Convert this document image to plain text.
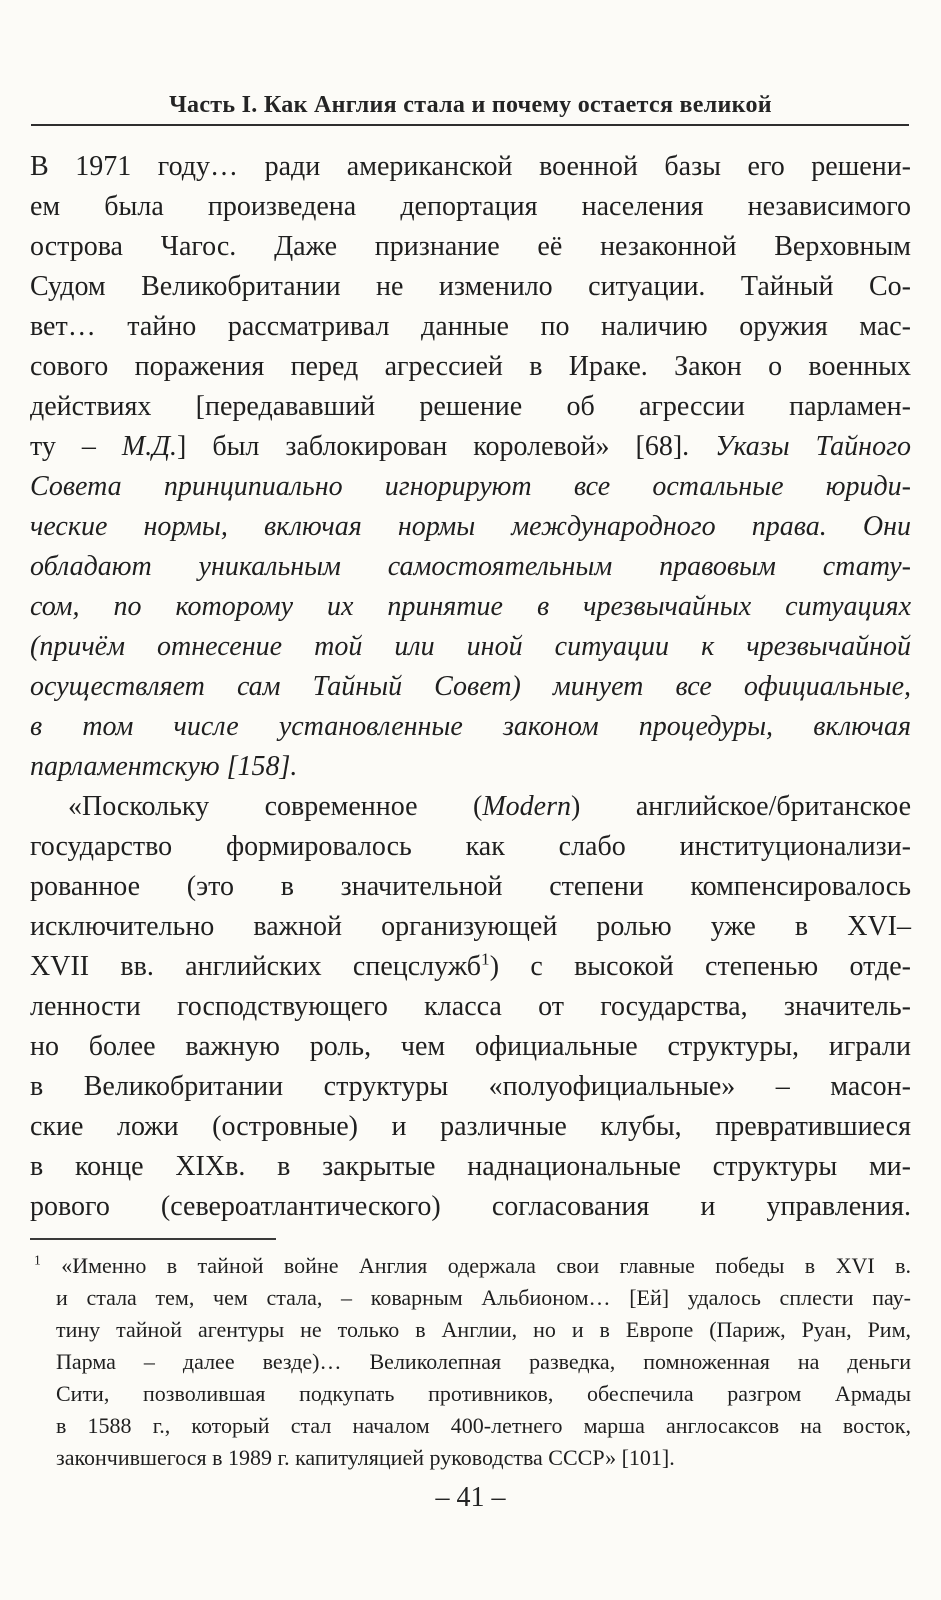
Часть I. Как Англия стала и почему остается великой
В 1971 году… ради американской военной базы его решени-
ем была произведена депортация населения независимого
острова Чагос. Даже признание её незаконной Верховным
Судом Великобритании не изменило ситуации. Тайный Со-
вет… тайно рассматривал данные по наличию оружия мас-
сового поражения перед агрессией в Ираке. Закон о военных
действиях [передававший решение об агрессии парламен-
ту – М.Д.] был заблокирован королевой» [68]. Указы Тайного
Совета принципиально игнорируют все остальные юриди-
ческие нормы, включая нормы международного права. Они
обладают уникальным самостоятельным правовым стату-
сом, по которому их принятие в чрезвычайных ситуациях
(причём отнесение той или иной ситуации к чрезвычайной
осуществляет сам Тайный Совет) минует все официальные,
в том числе установленные законом процедуры, включая
парламентскую [158].
«Поскольку современное (Modern) английское/британское
государство формировалось как слабо институционализи-
рованное (это в значительной степени компенсировалось
исключительно важной организующей ролью уже в XVI–
XVII вв. английских спецслужб$^1$) с высокой степенью отде-
ленности господствующего класса от государства, значитель-
но более важную роль, чем официальные структуры, играли
в Великобритании структуры «полуофициальные» – масон-
ские ложи (островные) и различные клубы, превратившиеся
в конце XIXв. в закрытые наднациональные структуры ми-
рового (североатлантического) согласования и управления.
$^1$ «Именно в тайной войне Англия одержала свои главные победы в XVI в.
и стала тем, чем стала, – коварным Альбионом… [Ей] удалось сплести пау-
тину тайной агентуры не только в Англии, но и в Европе (Париж, Руан, Рим,
Парма – далее везде)… Великолепная разведка, помноженная на деньги
Сити, позволившая подкупать противников, обеспечила разгром Армады
в 1588 г., который стал началом 400-летнего марша англосаксов на восток,
закончившегося в 1989 г. капитуляцией руководства СССР» [101].
– 41 –
